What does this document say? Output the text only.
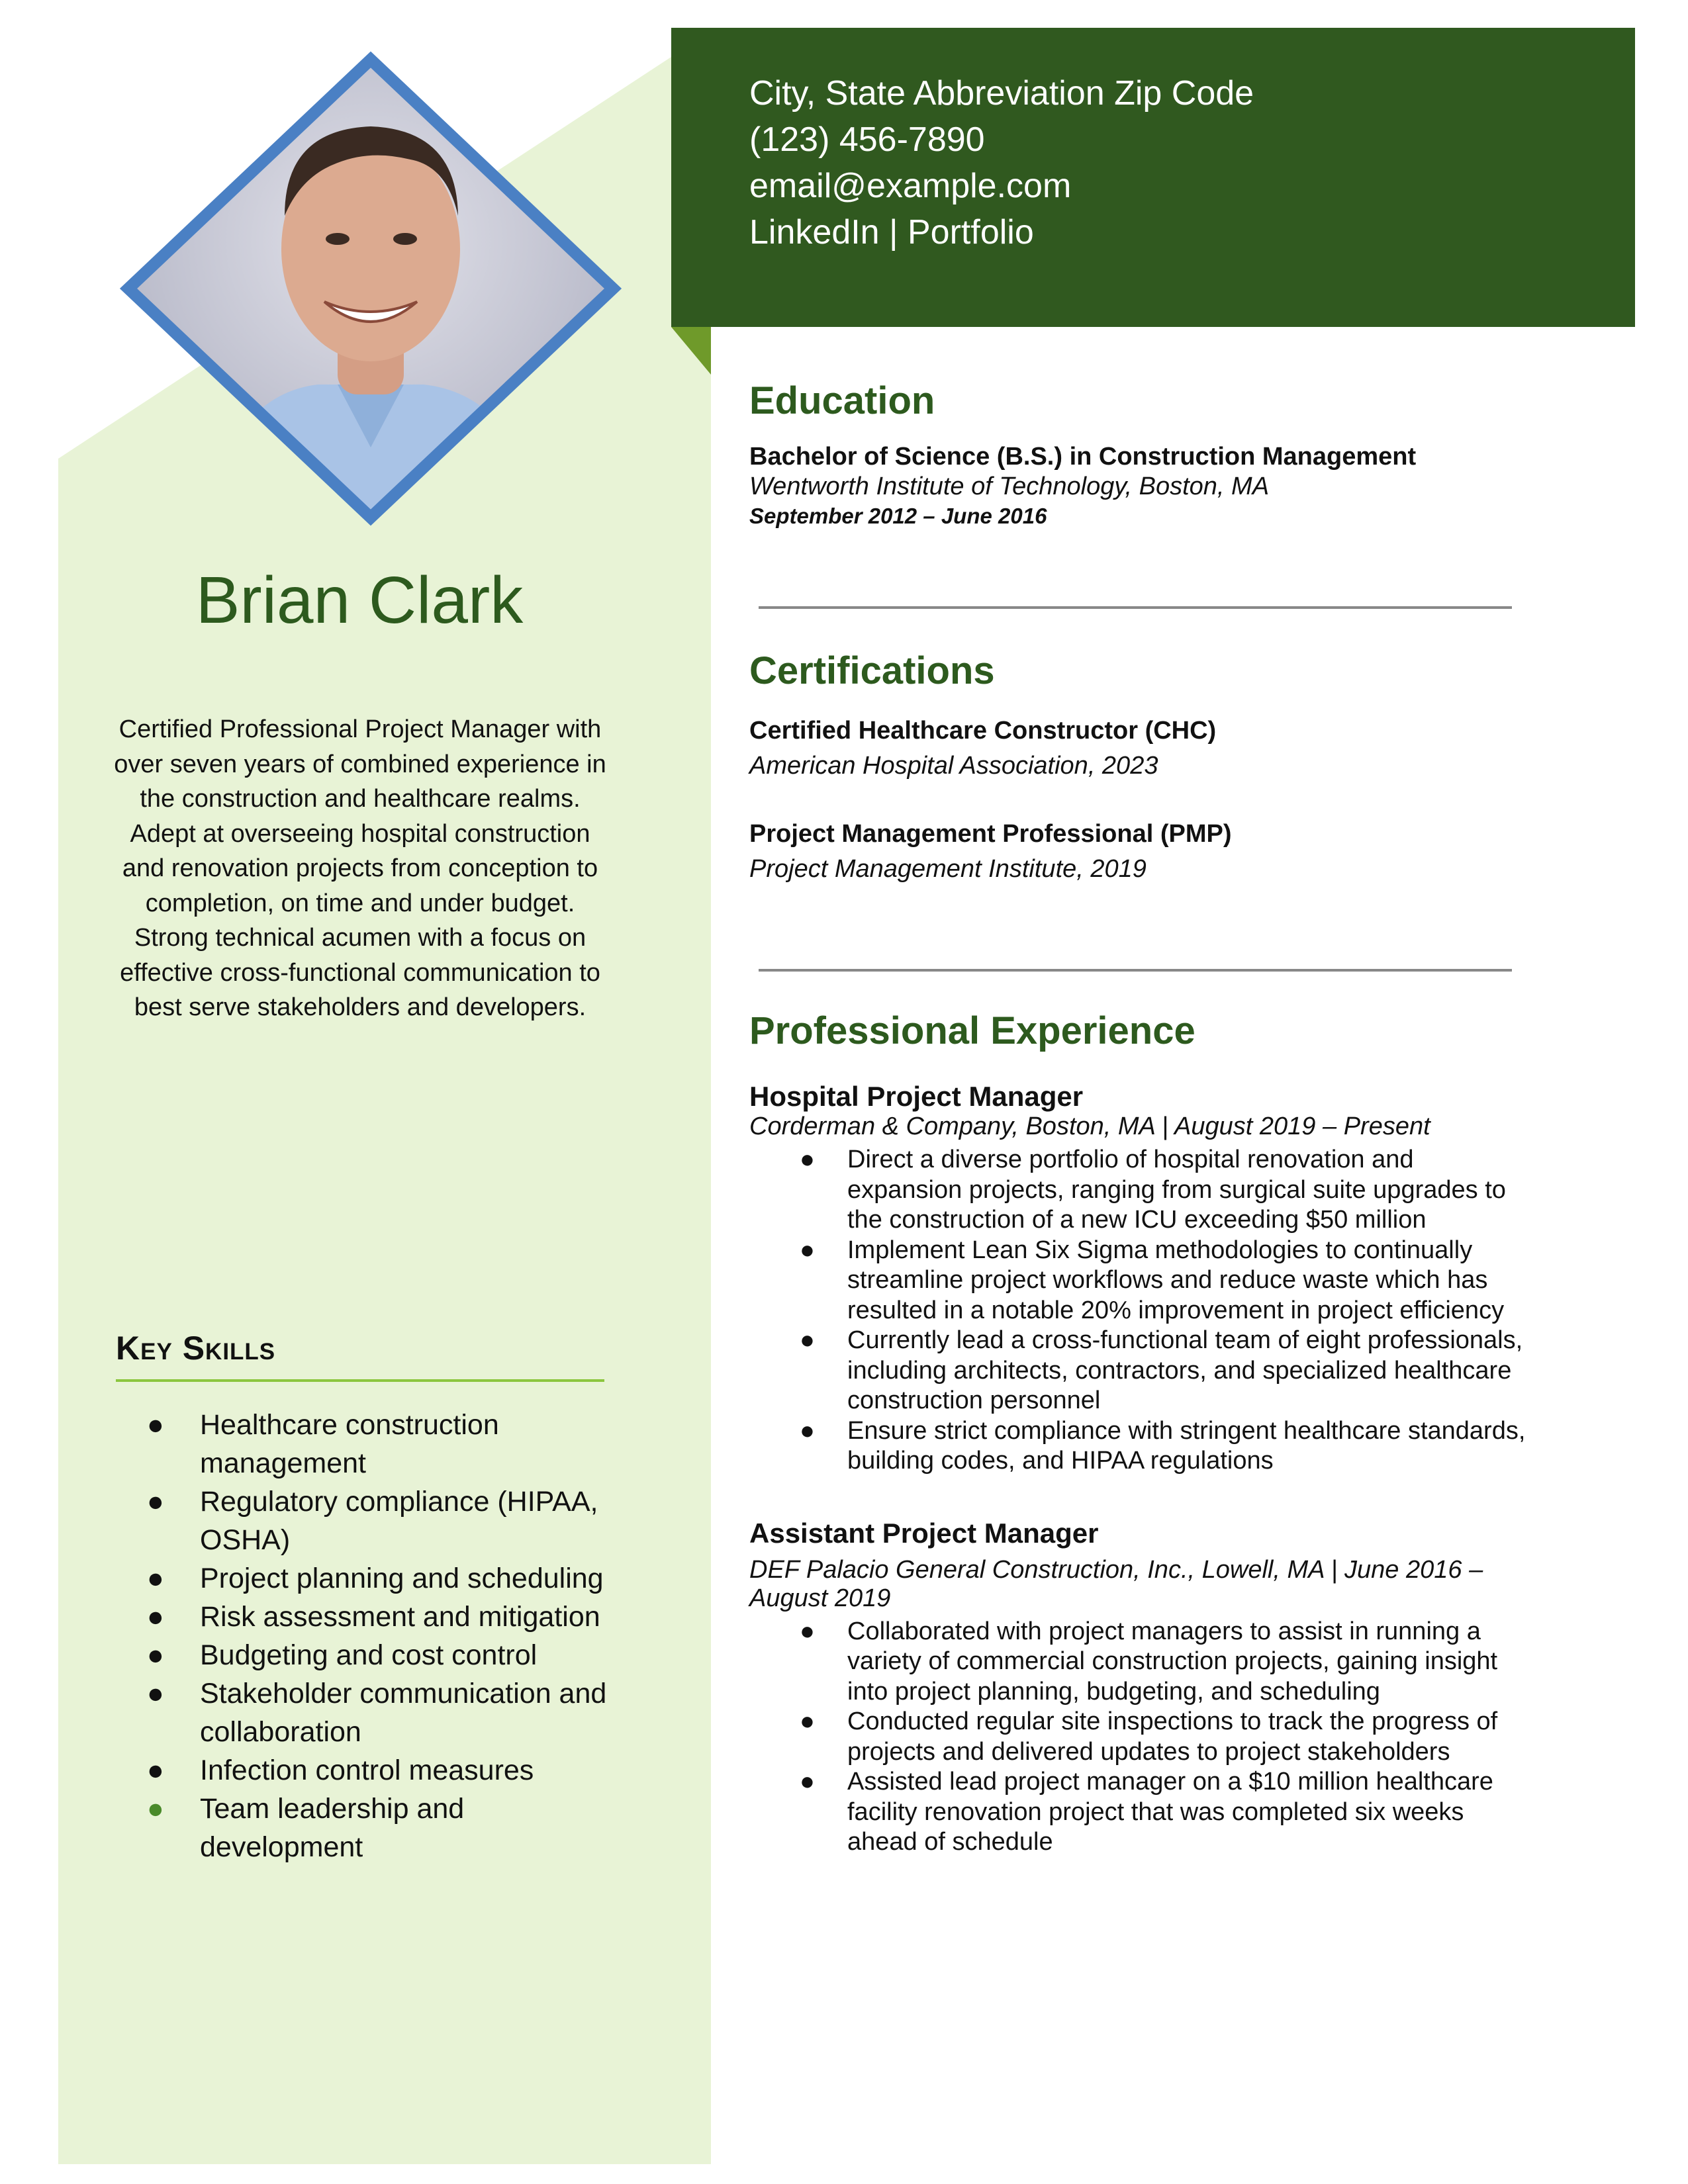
Brian Clark
Certified Professional Project Manager with over seven years of combined experience in the construction and healthcare realms. Adept at overseeing hospital construction and renovation projects from conception to completion, on time and under budget. Strong technical acumen with a focus on effective cross-functional communication to best serve stakeholders and developers.
Key Skills
● Healthcare construction management
● Regulatory compliance (HIPAA, OSHA)
● Project planning and scheduling
● Risk assessment and mitigation
● Budgeting and cost control
● Stakeholder communication and collaboration
● Infection control measures
● Team leadership and development
City, State Abbreviation Zip Code
(123) 456-7890
email@example.com
LinkedIn | Portfolio
Education
Bachelor of Science (B.S.) in Construction Management
Wentworth Institute of Technology, Boston, MA
September 2012 – June 2016
Certifications
Certified Healthcare Constructor (CHC)
American Hospital Association, 2023
Project Management Professional (PMP)
Project Management Institute, 2019
Professional Experience
Hospital Project Manager
Corderman & Company, Boston, MA | August 2019 – Present
● Direct a diverse portfolio of hospital renovation and expansion projects, ranging from surgical suite upgrades to the construction of a new ICU exceeding $50 million
● Implement Lean Six Sigma methodologies to continually streamline project workflows and reduce waste which has resulted in a notable 20% improvement in project efficiency
● Currently lead a cross-functional team of eight professionals, including architects, contractors, and specialized healthcare construction personnel
● Ensure strict compliance with stringent healthcare standards, building codes, and HIPAA regulations
Assistant Project Manager
DEF Palacio General Construction, Inc., Lowell, MA | June 2016 – August 2019
● Collaborated with project managers to assist in running a variety of commercial construction projects, gaining insight into project planning, budgeting, and scheduling
● Conducted regular site inspections to track the progress of projects and delivered updates to project stakeholders
● Assisted lead project manager on a $10 million healthcare facility renovation project that was completed six weeks ahead of schedule
